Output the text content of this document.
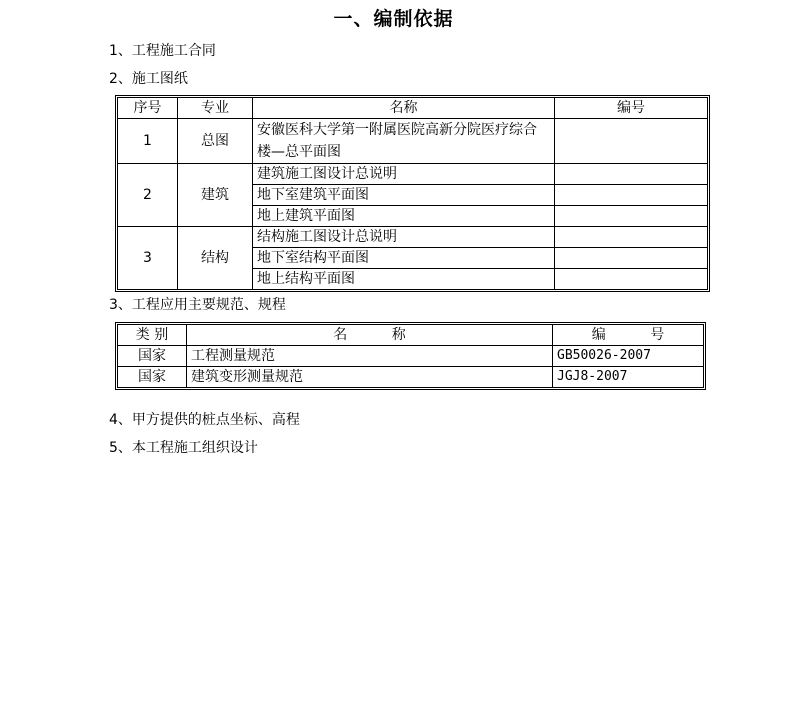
一、编制依据
1、工程施工合同
2、施工图纸
序号	专业	名称	编号
1	总图	安徽医科大学第一附属医院高新分院医疗综合楼—总平面图	
2	建筑	建筑施工图设计总说明	
		地下室建筑平面图	
		地上建筑平面图	
3	结构	结构施工图设计总说明	
		地下室结构平面图	
		地上结构平面图	
3、工程应用主要规范、规程
类 别	名 称	编 号
国家	工程测量规范	GB50026-2007
国家	建筑变形测量规范	JGJ8-2007
4、甲方提供的桩点坐标、高程
5、本工程施工组织设计
